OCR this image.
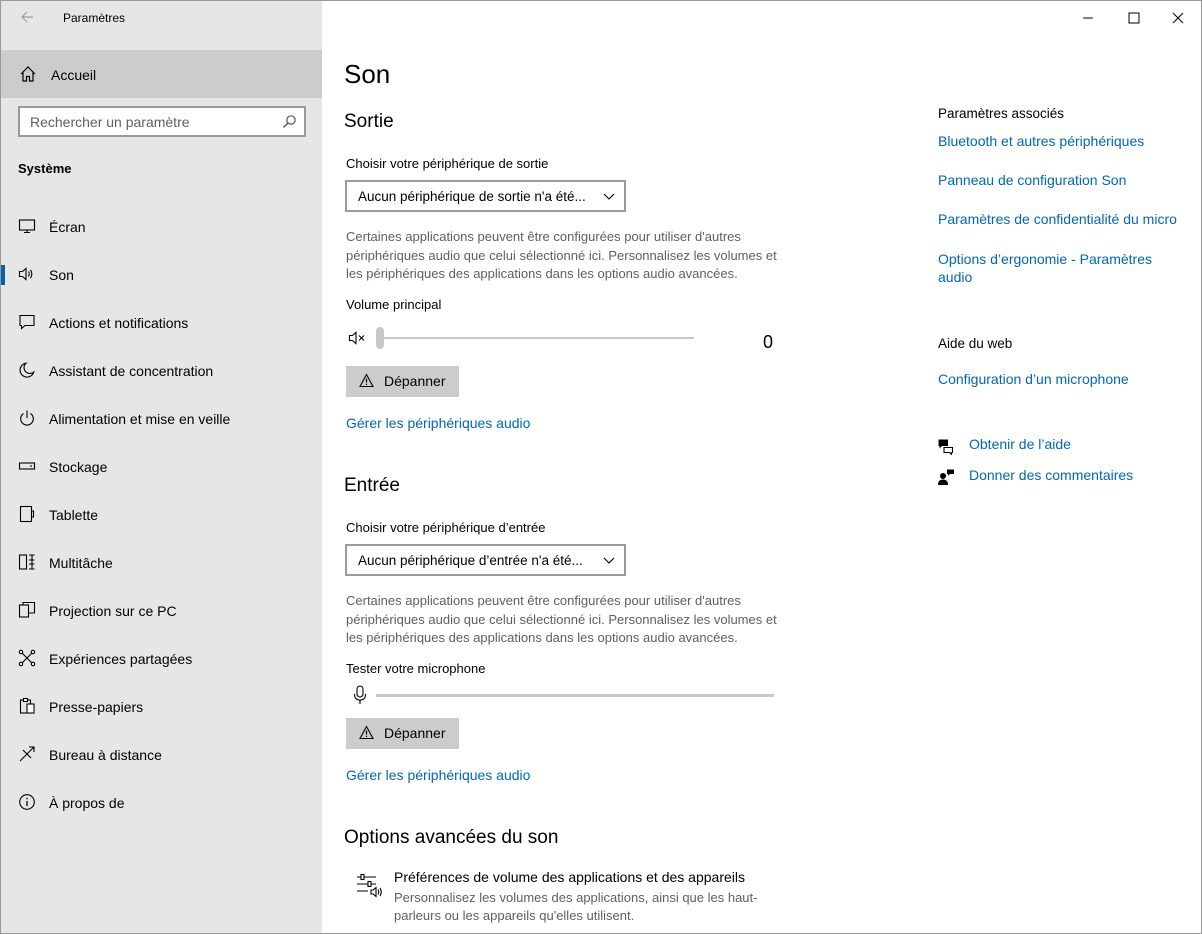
Paramètres
Accueil
Rechercher un paramètre
Système
Écran
Son
Actions et notifications
Assistant de concentration
Alimentation et mise en veille
Stockage
Tablette
Multitâche
Projection sur ce PC
Expériences partagées
Presse-papiers
Bureau à distance
À propos de
Son
Sortie
Choisir votre périphérique de sortie
Aucun périphérique de sortie n'a été...
Certaines applications peuvent être configurées pour utiliser d'autres périphériques audio que celui sélectionné ici. Personnalisez les volumes et les périphériques des applications dans les options audio avancées.
Volume principal
0
Dépanner
Gérer les périphériques audio
Entrée
Choisir votre périphérique d’entrée
Aucun périphérique d’entrée n'a été...
Certaines applications peuvent être configurées pour utiliser d'autres périphériques audio que celui sélectionné ici. Personnalisez les volumes et les périphériques des applications dans les options audio avancées.
Tester votre microphone
Dépanner
Gérer les périphériques audio
Options avancées du son
Préférences de volume des applications et des appareils
Personnalisez les volumes des applications, ainsi que les haut-parleurs ou les appareils qu'elles utilisent.
Paramètres associés
Bluetooth et autres périphériques
Panneau de configuration Son
Paramètres de confidentialité du micro
Options d’ergonomie - Paramètres audio
Aide du web
Configuration d’un microphone
Obtenir de l’aide
Donner des commentaires
